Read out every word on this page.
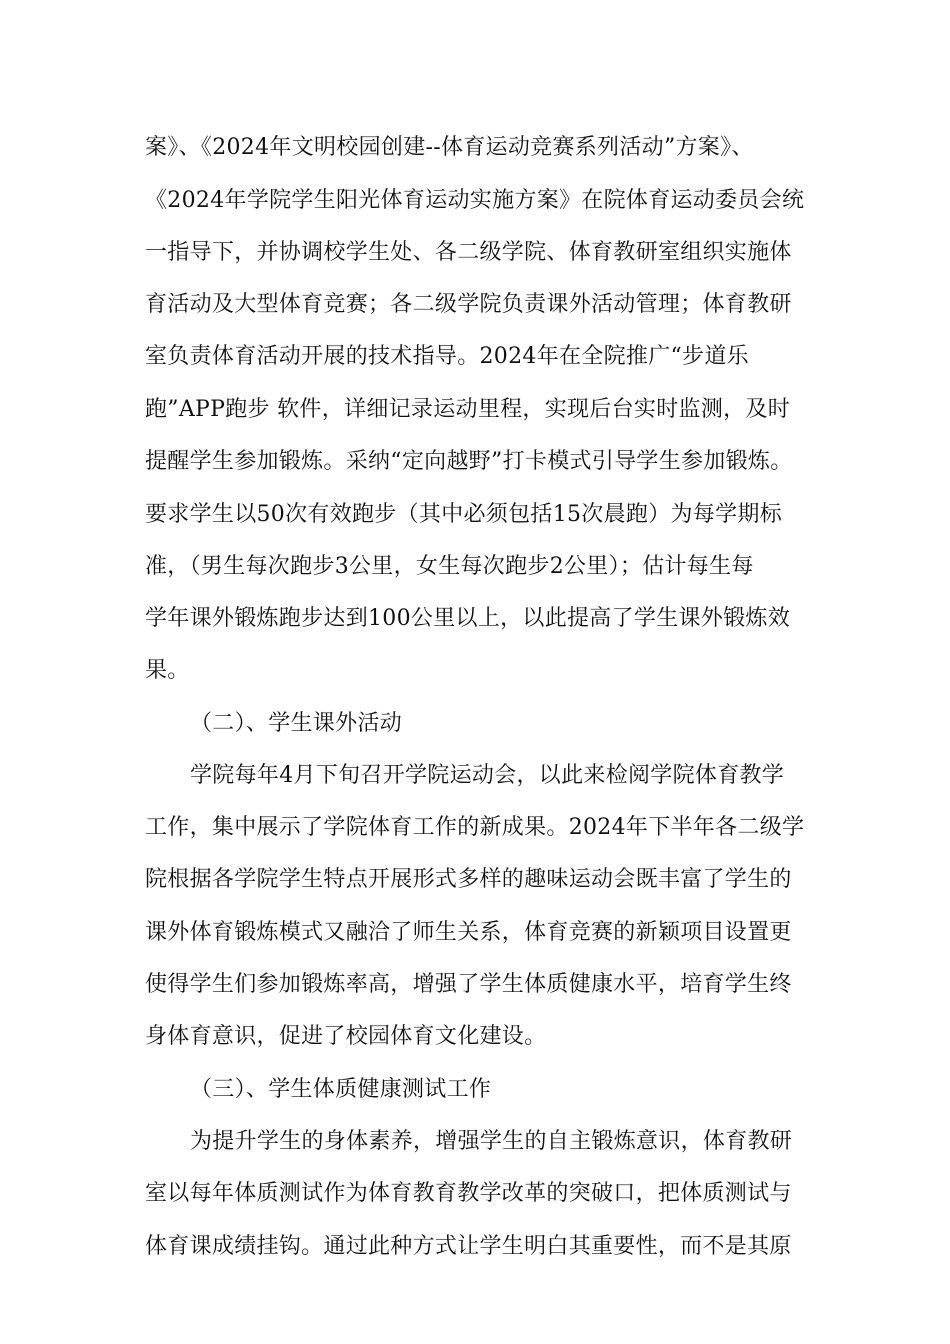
案》、《2024年文明校园创建--体育运动竞赛系列活动”方案》、

《2024年学院学生阳光体育运动实施方案》在院体育运动委员会统

一指导下，并协调校学生处、各二级学院、体育教研室组织实施体

育活动及大型体育竞赛；各二级学院负责课外活动管理；体育教研

室负责体育活动开展的技术指导。2024年在全院推广“步道乐

跑”APP跑步 软件，详细记录运动里程，实现后台实时监测，及时

提醒学生参加锻炼。采纳“定向越野”打卡模式引导学生参加锻炼。

要求学生以50次有效跑步（其中必须包括15次晨跑）为每学期标

准，（男生每次跑步3公里，女生每次跑步2公里）；估计每生每

学年课外锻炼跑步达到100公里以上，以此提高了学生课外锻炼效

果。

（二）、学生课外活动

学院每年4月下旬召开学院运动会，以此来检阅学院体育教学

工作，集中展示了学院体育工作的新成果。2024年下半年各二级学

院根据各学院学生特点开展形式多样的趣味运动会既丰富了学生的

课外体育锻炼模式又融洽了师生关系，体育竞赛的新颖项目设置更

使得学生们参加锻炼率高，增强了学生体质健康水平，培育学生终

身体育意识，促进了校园体育文化建设。

（三）、学生体质健康测试工作

为提升学生的身体素养，增强学生的自主锻炼意识，体育教研

室以每年体质测试作为体育教育教学改革的突破口，把体质测试与

体育课成绩挂钩。通过此种方式让学生明白其重要性，而不是其原
